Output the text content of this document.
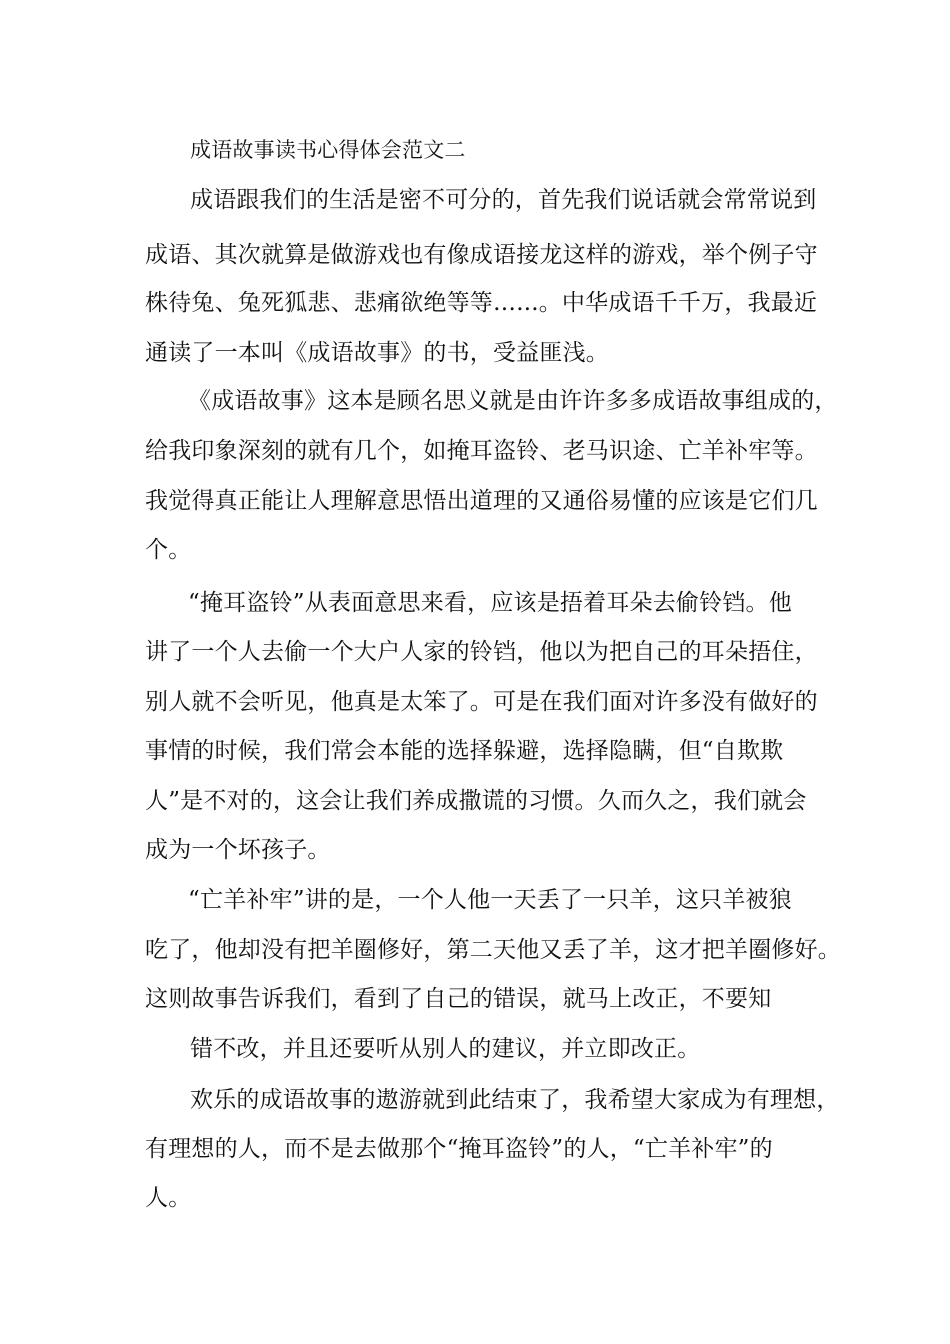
成语故事读书心得体会范文二
成语跟我们的生活是密不可分的，首先我们说话就会常常说到
成语、其次就算是做游戏也有像成语接龙这样的游戏，举个例子守
株待兔、兔死狐悲、悲痛欲绝等等…...。中华成语千千万，我最近
通读了一本叫《成语故事》的书，受益匪浅。
《成语故事》这本是顾名思义就是由许许多多成语故事组成的，
给我印象深刻的就有几个，如掩耳盗铃、老马识途、亡羊补牢等。
我觉得真正能让人理解意思悟出道理的又通俗易懂的应该是它们几
个。
“掩耳盗铃”从表面意思来看，应该是捂着耳朵去偷铃铛。他
讲了一个人去偷一个大户人家的铃铛，他以为把自己的耳朵捂住，
别人就不会听见，他真是太笨了。可是在我们面对许多没有做好的
事情的时候，我们常会本能的选择躲避，选择隐瞒，但“自欺欺
人”是不对的，这会让我们养成撒谎的习惯。久而久之，我们就会
成为一个坏孩子。
“亡羊补牢”讲的是，一个人他一天丢了一只羊，这只羊被狼
吃了，他却没有把羊圈修好，第二天他又丢了羊，这才把羊圈修好。
这则故事告诉我们，看到了自己的错误，就马上改正，不要知
错不改，并且还要听从别人的建议，并立即改正。
欢乐的成语故事的遨游就到此结束了，我希望大家成为有理想，
有理想的人，而不是去做那个“掩耳盗铃”的人，“亡羊补牢”的
人。
